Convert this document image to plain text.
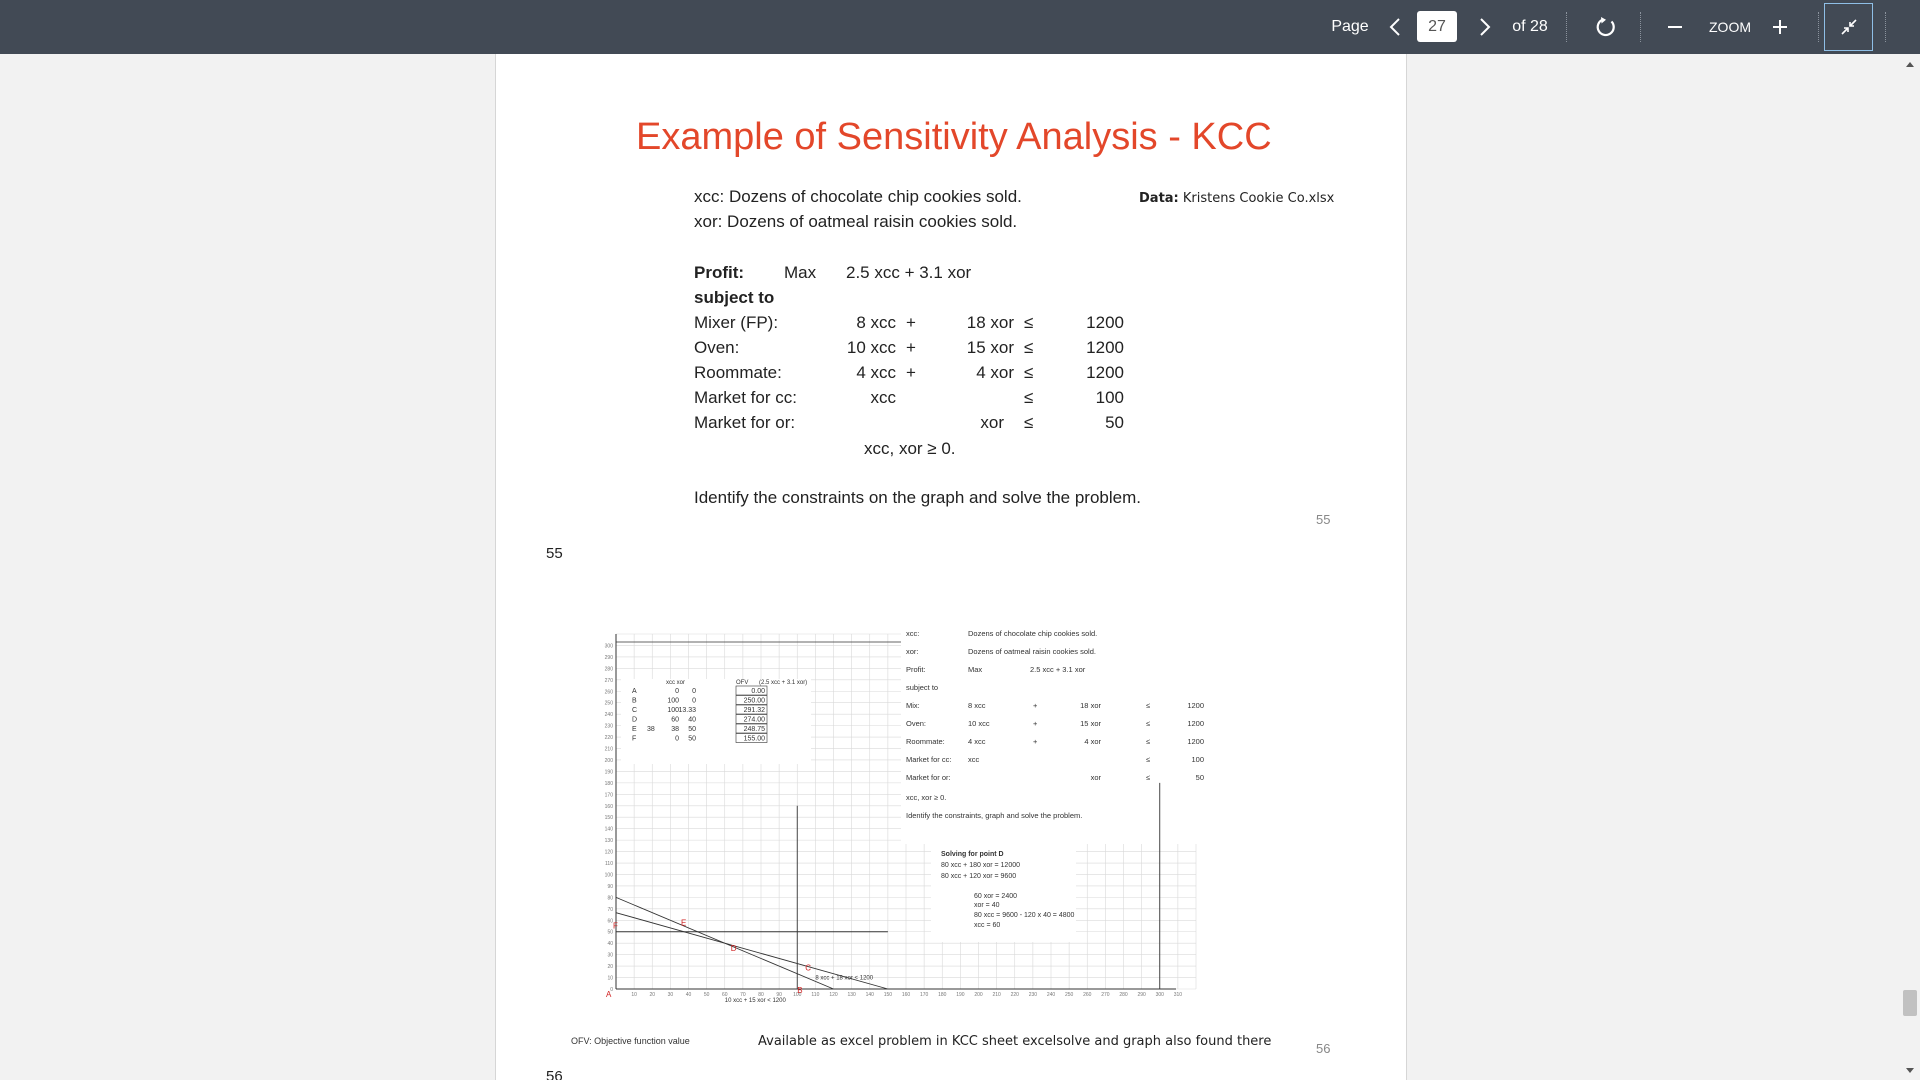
Page	27	of 28	ZOOM
Example of Sensitivity Analysis - KCC
xcc: Dozens of chocolate chip cookies sold.
xor: Dozens of oatmeal raisin cookies sold.
Data: Kristens Cookie Co.xlsx
Profit: Max 2.5 xcc + 3.1 xor
subject to
Mixer (FP):	8 xcc +	18 xor ≤	1200
Oven:	10 xcc +	15 xor ≤	1200
Roommate:	4 xcc +	4 xor ≤	1200
Market for cc:	xcc	≤	100
Market for or:	xor ≤	50
xcc, xor ≥ 0.
Identify the constraints on the graph and solve the problem.
55
55
300
290
280
270
260
250
240
230
220
210
200
190
180
170
160
150
140
130
120
110
100
90
80
70
60
50
40
30
20
10
0
10	20	30	40	50	60	70	80	90 100 110 120 130 140 150 160 170 180 190 200 210 220 230 240 250 260 270 280 290 300 310
A	B
C
D
E
F
8 xcc + 18 xor < 1200
10 xcc + 15 xor < 1200
xcc xor	OFV (2.5 xcc + 3.1 xor)
A	0 0	0.00
B	100 0	250.00
C	100 13.33	291.32
D	60 40	274.00
E	38 50	248.75
F	0 50	155.00
38
xcc:	Dozens of chocolate chip cookies sold.
xor:	Dozens of oatmeal raisin cookies sold.
Profit:	Max	2.5 xcc + 3.1 xor
subject to
Mix:	8 xcc	+	18 xor	≤	1200
Oven:	10 xcc	+	15 xor	≤	1200
Roommate:	4 xcc	+	4 xor	≤	1200
Market for cc: xcc	≤	100
Market for or:	xor	≤	50
xcc, xor ≥ 0.
Identify the constraints, graph and solve the problem.
Solving for point D
80 xcc + 180 xor = 12000
80 xcc + 120 xor = 9600
60 xor = 2400
xor = 40
80 xcc = 9600 - 120 x 40 = 4800
xcc = 60
OFV: Objective function value	Available as excel problem in KCC sheet excelsolve and graph also found there	56
56
